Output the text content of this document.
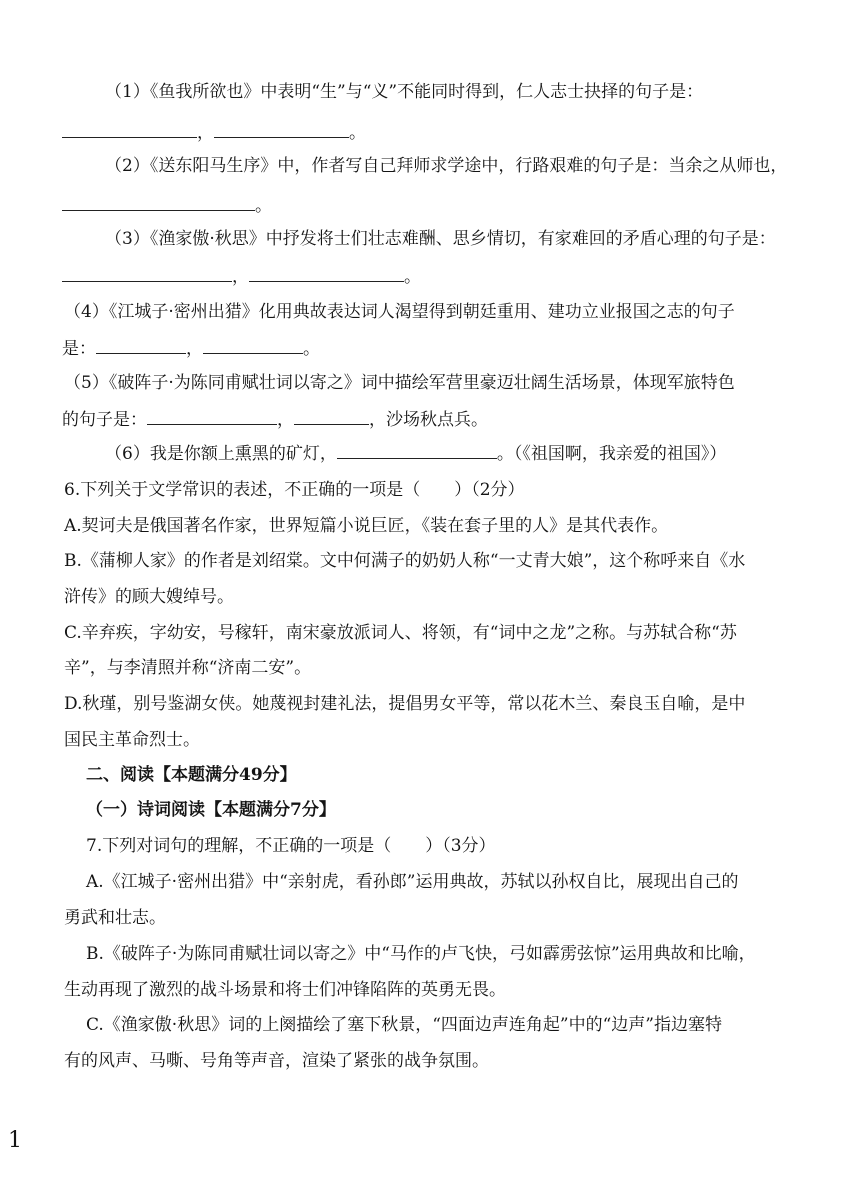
（1）《鱼我所欲也》中表明“生”与“义”不能同时得到，仁人志士抉择的句子是：
，	。
（2）《送东阳马生序》中，作者写自己拜师求学途中，行路艰难的句子是：当余之从师也，
。
（3）《渔家傲·秋思》中抒发将士们壮志难酬、思乡情切，有家难回的矛盾心理的句子是：
，	。
（4）《江城子·密州出猎》化用典故表达词人渴望得到朝廷重用、建功立业报国之志的句子
是：	，	。
（5）《破阵子·为陈同甫赋壮词以寄之》词中描绘军营里豪迈壮阔生活场景，体现军旅特色
的句子是：	，	，沙场秋点兵。
（6）我是你额上熏黑的矿灯，	。（《祖国啊，我亲爱的祖国》）
6.下列关于文学常识的表述，不正确的一项是（　　）（2分）
A.契诃夫是俄国著名作家，世界短篇小说巨匠，《装在套子里的人》是其代表作。
B.《蒲柳人家》的作者是刘绍棠。文中何满子的奶奶人称“一丈青大娘”，这个称呼来自《水
浒传》的顾大嫂绰号。
C.辛弃疾，字幼安，号稼轩，南宋豪放派词人、将领，有“词中之龙”之称。与苏轼合称“苏
辛”，与李清照并称“济南二安”。
D.秋瑾，别号鉴湖女侠。她蔑视封建礼法，提倡男女平等，常以花木兰、秦良玉自喻，是中
国民主革命烈士。
二、阅读【本题满分49分】
（一）诗词阅读【本题满分7分】
7.下列对词句的理解，不正确的一项是（　　）（3分）
A.《江城子·密州出猎》中“亲射虎，看孙郎”运用典故，苏轼以孙权自比，展现出自己的
勇武和壮志。
B.《破阵子·为陈同甫赋壮词以寄之》中“马作的卢飞快，弓如霹雳弦惊”运用典故和比喻，
生动再现了激烈的战斗场景和将士们冲锋陷阵的英勇无畏。
C.《渔家傲·秋思》词的上阕描绘了塞下秋景，“四面边声连角起”中的“边声”指边塞特
有的风声、马嘶、号角等声音，渲染了紧张的战争氛围。
1
